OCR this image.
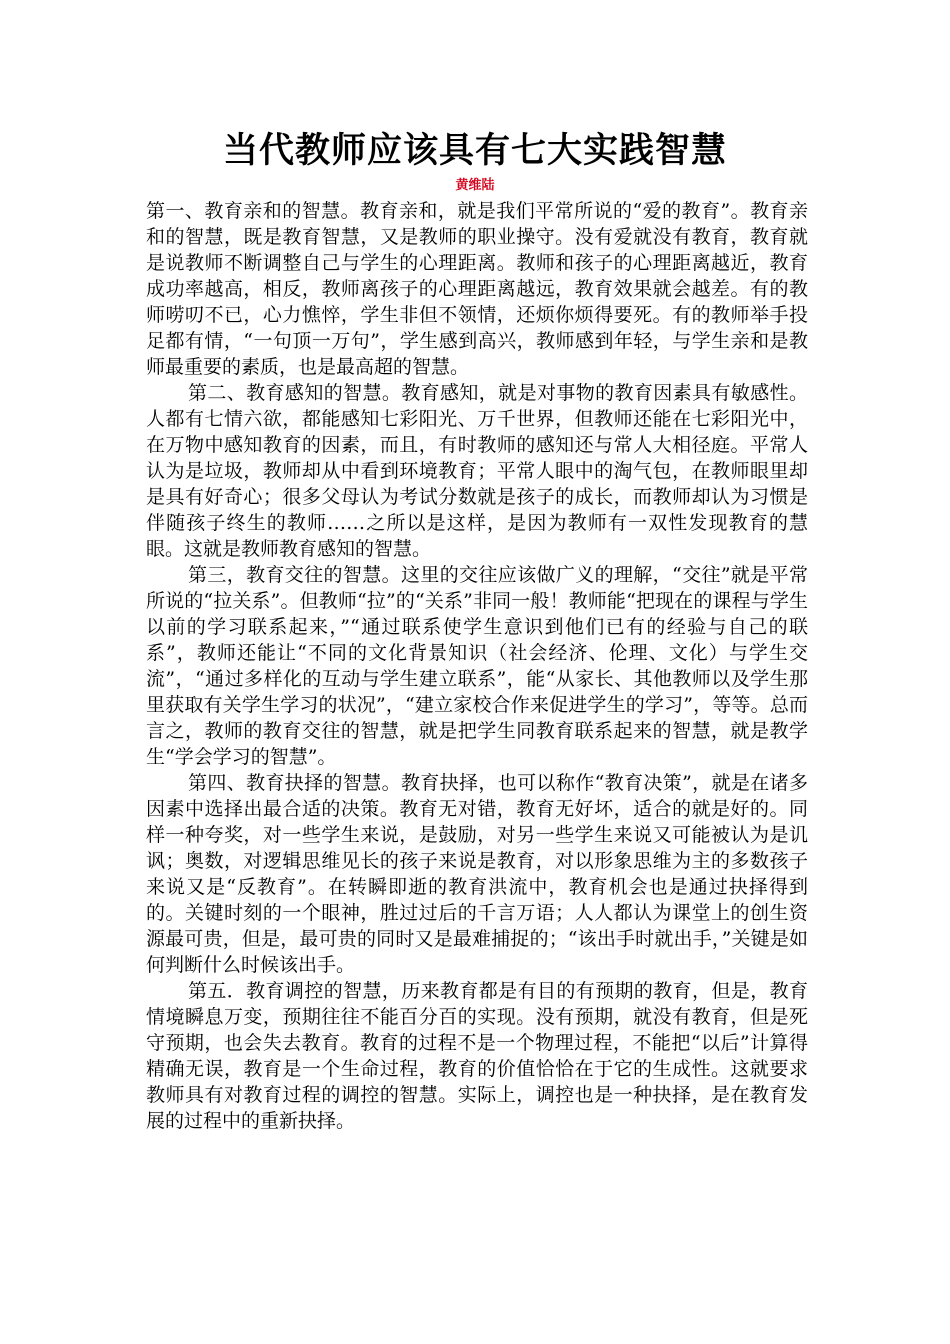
当代教师应该具有七大实践智慧
黄维陆

第一、教育亲和的智慧。教育亲和，就是我们平常所说的“爱的教育”。教育亲和的智慧，既是教育智慧，又是教师的职业操守。没有爱就没有教育，教育就是说教师不断调整自己与学生的心理距离。教师和孩子的心理距离越近，教育成功率越高，相反，教师离孩子的心理距离越远，教育效果就会越差。有的教师唠叨不已，心力憔悴，学生非但不领情，还烦你烦得要死。有的教师举手投足都有情，“一句顶一万句”，学生感到高兴，教师感到年轻，与学生亲和是教师最重要的素质，也是最高超的智慧。

第二、教育感知的智慧。教育感知，就是对事物的教育因素具有敏感性。人都有七情六欲，都能感知七彩阳光、万千世界，但教师还能在七彩阳光中，在万物中感知教育的因素，而且，有时教师的感知还与常人大相径庭。平常人认为是垃圾，教师却从中看到环境教育；平常人眼中的淘气包，在教师眼里却是具有好奇心；很多父母认为考试分数就是孩子的成长，而教师却认为习惯是伴随孩子终生的教师……之所以是这样，是因为教师有一双性发现教育的慧眼。这就是教师教育感知的智慧。

第三，教育交往的智慧。这里的交往应该做广义的理解，“交往”就是平常所说的“拉关系”。但教师“拉”的“关系”非同一般！教师能“把现在的课程与学生以前的学习联系起来，”“通过联系使学生意识到他们已有的经验与自己的联系”，教师还能让“不同的文化背景知识（社会经济、伦理、文化）与学生交流”，“通过多样化的互动与学生建立联系”，能“从家长、其他教师以及学生那里获取有关学生学习的状况”，“建立家校合作来促进学生的学习”，等等。总而言之，教师的教育交往的智慧，就是把学生同教育联系起来的智慧，就是教学生“学会学习的智慧”。

第四、教育抉择的智慧。教育抉择，也可以称作“教育决策”，就是在诸多因素中选择出最合适的决策。教育无对错，教育无好坏，适合的就是好的。同样一种夸奖，对一些学生来说，是鼓励，对另一些学生来说又可能被认为是讥讽；奥数，对逻辑思维见长的孩子来说是教育，对以形象思维为主的多数孩子来说又是“反教育”。在转瞬即逝的教育洪流中，教育机会也是通过抉择得到的。关键时刻的一个眼神，胜过过后的千言万语；人人都认为课堂上的创生资源最可贵，但是，最可贵的同时又是最难捕捉的；“该出手时就出手，”关键是如何判断什么时候该出手。

第五．教育调控的智慧，历来教育都是有目的有预期的教育，但是，教育情境瞬息万变，预期往往不能百分百的实现。没有预期，就没有教育，但是死守预期，也会失去教育。教育的过程不是一个物理过程，不能把“以后”计算得精确无误，教育是一个生命过程，教育的价值恰恰在于它的生成性。这就要求教师具有对教育过程的调控的智慧。实际上，调控也是一种抉择，是在教育发展的过程中的重新抉择。
